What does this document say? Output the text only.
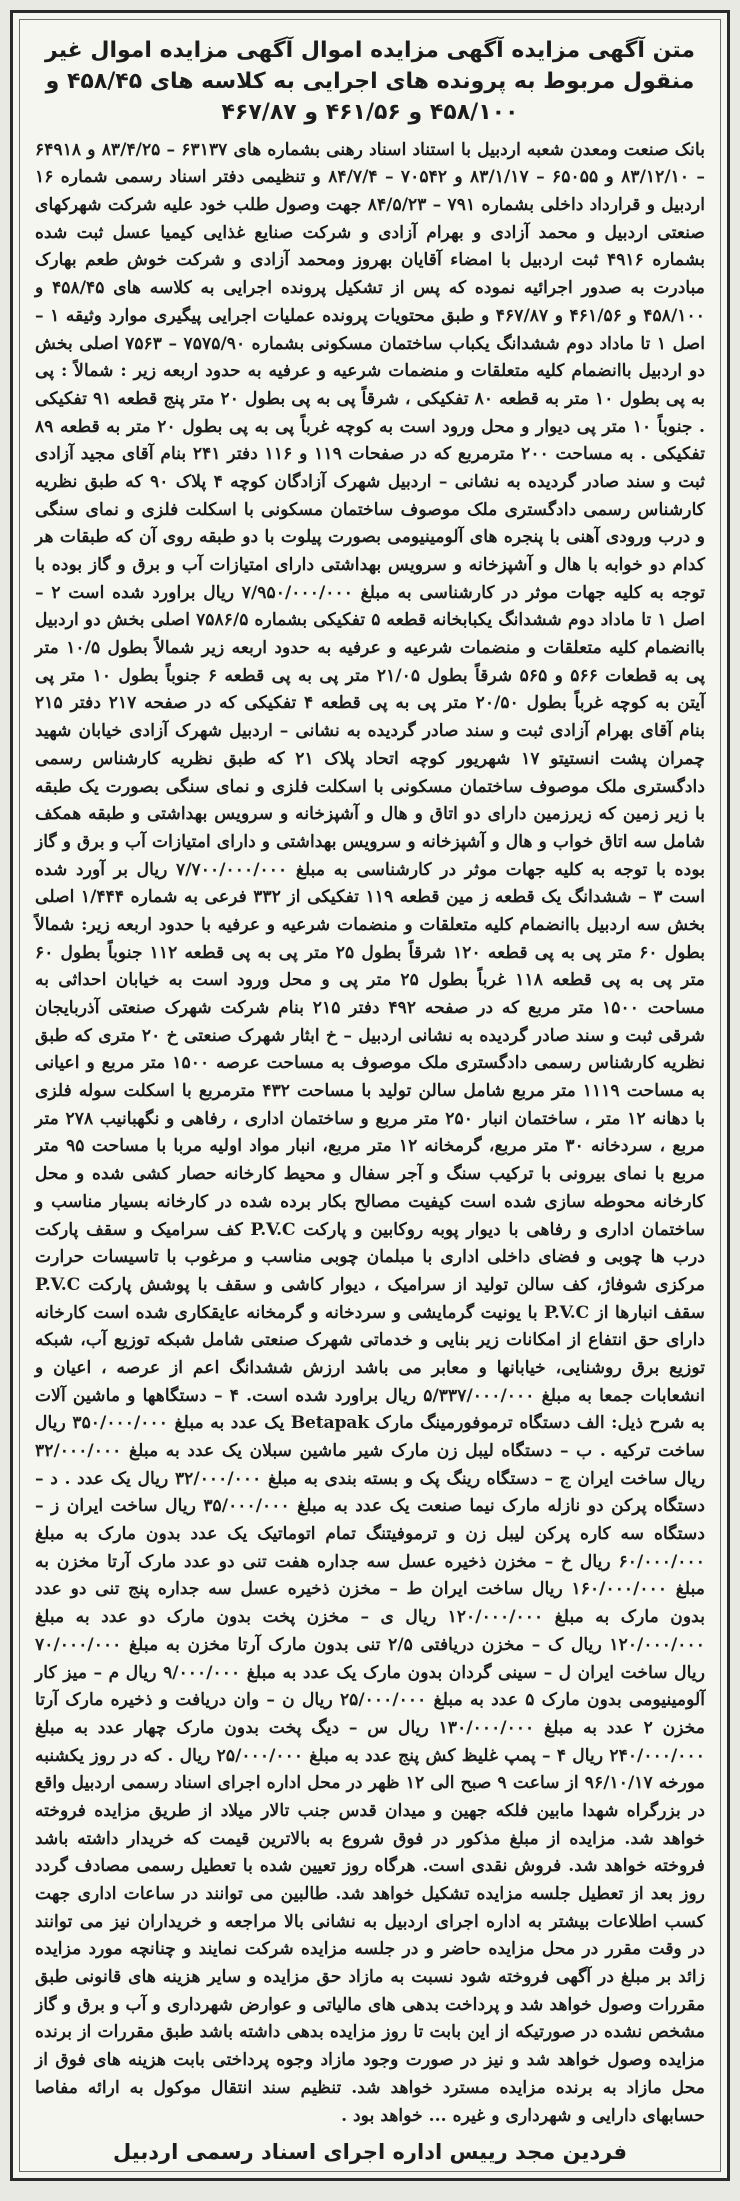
متن آگهی مزایده آگهی مزایده اموال آگهی مزایده اموال غیر منقول مربوط به پرونده های اجرایی به کلاسه های ۴۵۸/۴۵ و ۴۵۸/۱۰۰ و ۴۶۱/۵۶ و ۴۶۷/۸۷

بانک صنعت ومعدن شعبه اردبیل با استناد اسناد رهنی بشماره های ۶۳۱۳۷ – ۸۳/۴/۲۵ و ۶۴۹۱۸ – ۸۳/۱۲/۱۰ و ۶۵۰۵۵ – ۸۳/۱/۱۷ و ۷۰۵۴۲ – ۸۴/۷/۴ و تنظیمی دفتر اسناد رسمی شماره ۱۶ اردبیل و قرارداد داخلی بشماره ۷۹۱ – ۸۴/۵/۲۳ جهت وصول طلب خود علیه شرکت شهرکهای صنعتی اردبیل و محمد آزادی و بهرام آزادی و شرکت صنایع غذایی کیمیا عسل ثبت شده بشماره ۴۹۱۶ ثبت اردبیل با امضاء آقایان بهروز ومحمد آزادی و شرکت خوش طعم بهارک مبادرت به صدور اجرائیه نموده که پس از تشکیل پرونده اجرایی به کلاسه های ۴۵۸/۴۵ و ۴۵۸/۱۰۰ و ۴۶۱/۵۶ و ۴۶۷/۸۷ و طبق محتویات پرونده عملیات اجرایی پیگیری موارد وثیقه ۱ – اصل ۱ تا ماداد دوم ششدانگ یکباب ساختمان مسکونی بشماره ۷۵۷۵/۹۰ – ۷۵۶۳ اصلی بخش دو اردبیل باانضمام کلیه متعلقات و منضمات شرعیه و عرفیه به حدود اربعه زیر : شمالاً : پی به پی بطول ۱۰ متر به قطعه ۸۰ تفکیکی ، شرقاً پی به پی بطول ۲۰ متر پنج قطعه ۹۱ تفکیکی . جنوباً ۱۰ متر پی دیوار و محل ورود است به کوچه غرباً پی به پی بطول ۲۰ متر به قطعه ۸۹ تفکیکی . به مساحت ۲۰۰ مترمربع که در صفحات ۱۱۹ و ۱۱۶ دفتر ۲۴۱ بنام آقای مجید آزادی ثبت و سند صادر گردیده به نشانی – اردبیل شهرک آزادگان کوچه ۴ پلاک ۹۰ که طبق نظریه کارشناس رسمی دادگستری ملک موصوف ساختمان مسکونی با اسکلت فلزی و نمای سنگی و درب ورودی آهنی با پنجره های آلومینیومی بصورت پیلوت با دو طبقه روی آن که طبقات هر کدام دو خوابه با هال و آشپزخانه و سرویس بهداشتی دارای امتیازات آب و برق و گاز بوده با توجه به کلیه جهات موثر در کارشناسی به مبلغ ۷/۹۵۰/۰۰۰/۰۰۰ ریال براورد شده است ۲ – اصل ۱ تا ماداد دوم ششدانگ یکبابخانه قطعه ۵ تفکیکی بشماره ۷۵۸۶/۵ اصلی بخش دو اردبیل باانضمام کلیه متعلقات و منضمات شرعیه و عرفیه به حدود اربعه زیر شمالاً بطول ۱۰/۵ متر پی به قطعات ۵۶۶ و ۵۶۵ شرقاً بطول ۲۱/۰۵ متر پی به پی قطعه ۶ جنوباً بطول ۱۰ متر پی آیتن به کوچه غرباً بطول ۲۰/۵۰ متر پی به پی قطعه ۴ تفکیکی که در صفحه ۲۱۷ دفتر ۲۱۵ بنام آقای بهرام آزادی ثبت و سند صادر گردیده به نشانی – اردبیل شهرک آزادی خیابان شهید چمران پشت انستیتو ۱۷ شهریور کوچه اتحاد پلاک ۲۱ که طبق نظریه کارشناس رسمی دادگستری ملک موصوف ساختمان مسکونی با اسکلت فلزی و نمای سنگی بصورت یک طبقه با زیر زمین که زیرزمین دارای دو اتاق و هال و آشپزخانه و سرویس بهداشتی و طبقه همکف شامل سه اتاق خواب و هال و آشپزخانه و سرویس بهداشتی و دارای امتیازات آب و برق و گاز بوده با توجه به کلیه جهات موثر در کارشناسی به مبلغ ۷/۷۰۰/۰۰۰/۰۰۰ ریال بر آورد شده است ۳ – ششدانگ یک قطعه ز مین قطعه ۱۱۹ تفکیکی از ۳۳۲ فرعی به شماره ۱/۴۴۴ اصلی بخش سه اردبیل باانضمام کلیه متعلقات و منضمات شرعیه و عرفیه با حدود اربعه زیر: شمالاً بطول ۶۰ متر پی به پی قطعه ۱۲۰ شرقاً بطول ۲۵ متر پی به پی قطعه ۱۱۲ جنوباً بطول ۶۰ متر پی به پی قطعه ۱۱۸ غرباً بطول ۲۵ متر پی و محل ورود است به خیابان احداثی به مساحت ۱۵۰۰ متر مربع که در صفحه ۴۹۲ دفتر ۲۱۵ بنام شرکت شهرک صنعتی آذربایجان شرقی ثبت و سند صادر گردیده به نشانی اردبیل – خ ابثار شهرک صنعتی خ ۲۰ متری که طبق نظریه کارشناس رسمی دادگستری ملک موصوف به مساحت عرصه ۱۵۰۰ متر مربع و اعیانی به مساحت ۱۱۱۹ متر مربع شامل سالن تولید با مساحت ۴۳۲ مترمربع با اسکلت سوله فلزی با دهانه ۱۲ متر ، ساختمان انبار ۲۵۰ متر مربع و ساختمان اداری ، رفاهی و نگهبانیب ۲۷۸ متر مربع ، سردخانه ۳۰ متر مربع، گرمخانه ۱۲ متر مربع، انبار مواد اولیه مربا با مساحت ۹۵ متر مربع با نمای بیرونی با ترکیب سنگ و آجر سفال و محیط کارخانه حصار کشی شده و محل کارخانه محوطه سازی شده است کیفیت مصالح بکار برده شده در کارخانه بسیار مناسب و ساختمان اداری و رفاهی با دیوار پوبه روکابین و پارکت P.V.C کف سرامیک و سقف پارکت درب ها چوبی و فضای داخلی اداری با مبلمان چوبی مناسب و مرغوب با تاسیسات حرارت مرکزی شوفاژ، کف سالن تولید از سرامیک ، دیوار کاشی و سقف با پوشش پارکت P.V.C سقف انبارها از P.V.C با یونیت گرمایشی و سردخانه و گرمخانه عایقکاری شده است کارخانه دارای حق انتفاع از امکانات زیر بنایی و خدماتی شهرک صنعتی شامل شبکه توزیع آب، شبکه توزیع برق روشنایی، خیابانها و معابر می باشد ارزش ششدانگ اعم از عرصه ، اعیان و انشعابات جمعا به مبلغ ۵/۳۳۷/۰۰۰/۰۰۰ ریال براورد شده است. ۴ – دستگاهها و ماشین آلات به شرح ذیل: الف دستگاه ترموفورمینگ مارک Betapak یک عدد به مبلغ ۳۵۰/۰۰۰/۰۰۰ ریال ساخت ترکیه . ب – دستگاه لیبل زن مارک شیر ماشین سبلان یک عدد به مبلغ ۳۲/۰۰۰/۰۰۰ ریال ساخت ایران ج – دستگاه رینگ پک و بسته بندی به مبلغ ۳۲/۰۰۰/۰۰۰ ریال یک عدد . د – دستگاه پرکن دو نازله مارک نیما صنعت یک عدد به مبلغ ۳۵/۰۰۰/۰۰۰ ریال ساخت ایران ز – دستگاه سه کاره پرکن لیبل زن و ترموفیتنگ تمام اتوماتیک یک عدد بدون مارک به مبلغ ۶۰/۰۰۰/۰۰۰ ریال خ – مخزن ذخیره عسل سه جداره هفت تنی دو عدد مارک آرتا مخزن به مبلغ ۱۶۰/۰۰۰/۰۰۰ ریال ساخت ایران ط – مخزن ذخیره عسل سه جداره پنج تنی دو عدد بدون مارک به مبلغ ۱۲۰/۰۰۰/۰۰۰ ریال ی – مخزن پخت بدون مارک دو عدد به مبلغ ۱۲۰/۰۰۰/۰۰۰ ریال ک – مخزن دریافتی ۲/۵ تنی بدون مارک آرتا مخزن به مبلغ ۷۰/۰۰۰/۰۰۰ ریال ساخت ایران ل – سینی گردان بدون مارک یک عدد به مبلغ ۹/۰۰۰/۰۰۰ ریال م – میز کار آلومینیومی بدون مارک ۵ عدد به مبلغ ۲۵/۰۰۰/۰۰۰ ریال ن – وان دریافت و ذخیره مارک آرتا مخزن ۲ عدد به مبلغ ۱۳۰/۰۰۰/۰۰۰ ریال س – دیگ پخت بدون مارک چهار عدد به مبلغ ۲۴۰/۰۰۰/۰۰۰ ریال ۴ – پمپ غلیظ کش پنج عدد به مبلغ ۲۵/۰۰۰/۰۰۰ ریال . که در روز یکشنبه مورخه ۹۶/۱۰/۱۷ از ساعت ۹ صبح الی ۱۲ ظهر در محل اداره اجرای اسناد رسمی اردبیل واقع در بزرگراه شهدا مابین فلکه جهین و میدان قدس جنب تالار میلاد از طریق مزایده فروخته خواهد شد. مزایده از مبلغ مذکور در فوق شروع به بالاترین قیمت که خریدار داشته باشد فروخته خواهد شد. فروش نقدی است. هرگاه روز تعیین شده با تعطیل رسمی مصادف گردد روز بعد از تعطیل جلسه مزایده تشکیل خواهد شد. طالبین می توانند در ساعات اداری جهت کسب اطلاعات بیشتر به اداره اجرای اردبیل به نشانی بالا مراجعه و خریداران نیز می توانند در وقت مقرر در محل مزایده حاضر و در جلسه مزایده شرکت نمایند و چنانچه مورد مزایده زائد بر مبلغ در آگهی فروخته شود نسبت به مازاد حق مزایده و سایر هزینه های قانونی طبق مقررات وصول خواهد شد و پرداخت بدهی های مالیاتی و عوارض شهرداری و آب و برق و گاز مشخص نشده در صورتیکه از این بابت تا روز مزایده بدهی داشته باشد طبق مقررات از برنده مزایده وصول خواهد شد و نیز در صورت وجود مازاد وجوه پرداختی بابت هزینه های فوق از محل مازاد به برنده مزایده مسترد خواهد شد. تنظیم سند انتقال موکول به ارائه مفاصا حسابهای دارایی و شهرداری و غیره ... خواهد بود .

فردین مجد رییس اداره اجرای اسناد رسمی اردبیل
